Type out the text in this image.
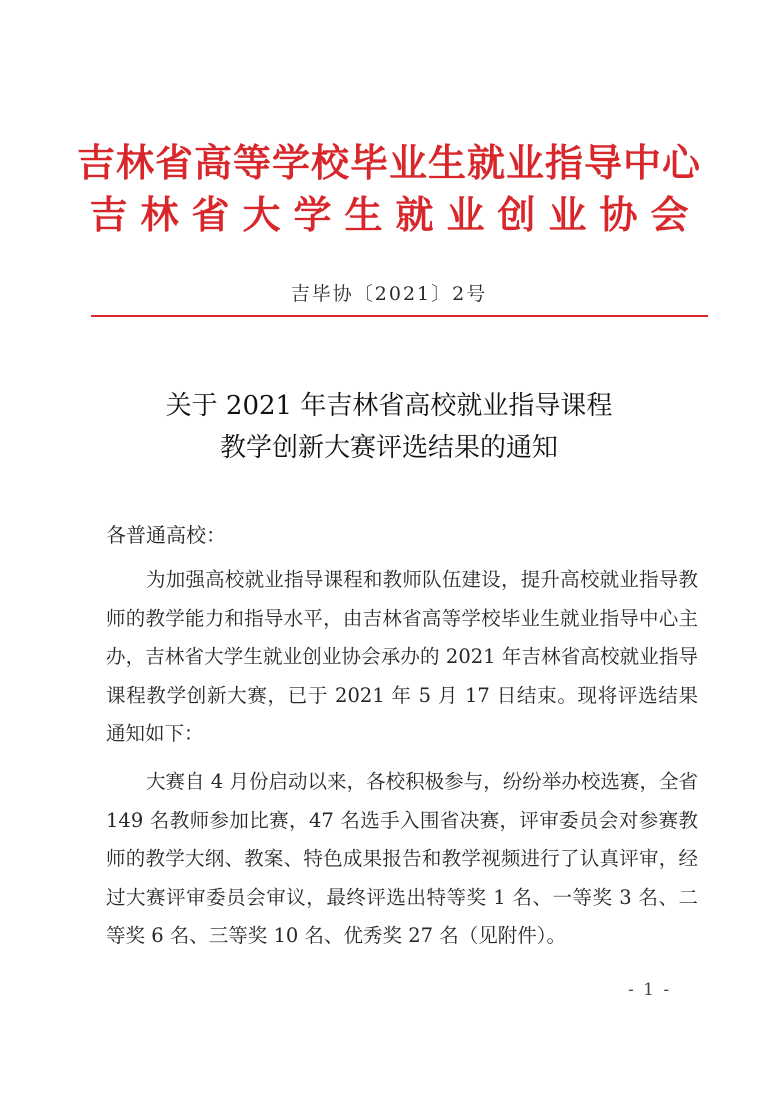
吉林省高等学校毕业生就业指导中心
吉林省大学生就业创业协会
吉毕协〔2021〕2号
关于 2021 年吉林省高校就业指导课程
教学创新大赛评选结果的通知
各普通高校：

为加强高校就业指导课程和教师队伍建设，提升高校就业指导教师的教学能力和指导水平，由吉林省高等学校毕业生就业指导中心主办，吉林省大学生就业创业协会承办的 2021 年吉林省高校就业指导课程教学创新大赛，已于 2021 年 5 月 17 日结束。现将评选结果通知如下：

大赛自 4 月份启动以来，各校积极参与，纷纷举办校选赛，全省 149 名教师参加比赛，47 名选手入围省决赛，评审委员会对参赛教师的教学大纲、教案、特色成果报告和教学视频进行了认真评审，经过大赛评审委员会审议，最终评选出特等奖 1 名、一等奖 3 名、二等奖 6 名、三等奖 10 名、优秀奖 27 名（见附件）。

- 1 -
